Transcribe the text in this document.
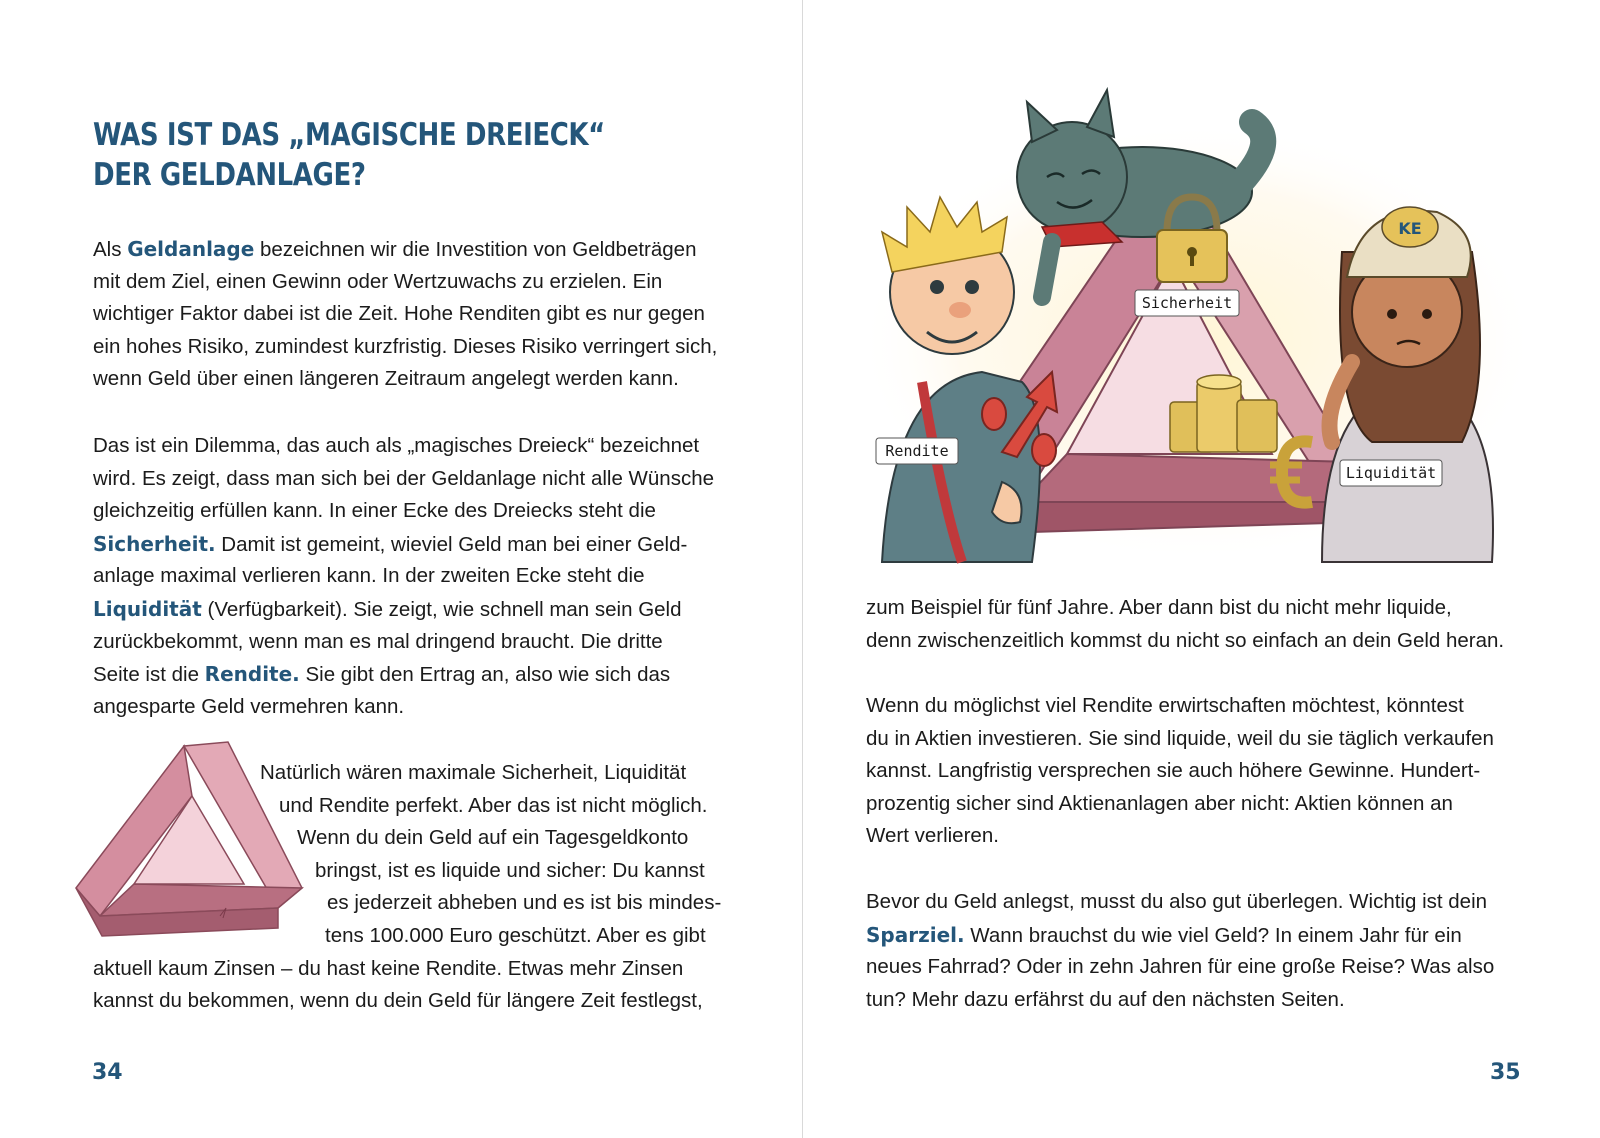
WAS IST DAS „MAGISCHE DREIECK“
DER GELDANLAGE?
Als Geldanlage bezeichnen wir die Investition von Geldbeträgen
mit dem Ziel, einen Gewinn oder Wertzuwachs zu erzielen. Ein
wichtiger Faktor dabei ist die Zeit. Hohe Renditen gibt es nur gegen
ein hohes Risiko, zumindest kurzfristig. Dieses Risiko verringert sich,
wenn Geld über einen längeren Zeitraum angelegt werden kann.
Das ist ein Dilemma, das auch als „magisches Dreieck“ bezeichnet
wird. Es zeigt, dass man sich bei der Geldanlage nicht alle Wünsche
gleichzeitig erfüllen kann. In einer Ecke des Dreiecks steht die
Sicherheit. Damit ist gemeint, wieviel Geld man bei einer Geld-
anlage maximal verlieren kann. In der zweiten Ecke steht die
Liquidität (Verfügbarkeit). Sie zeigt, wie schnell man sein Geld
zurückbekommt, wenn man es mal dringend braucht. Die dritte
Seite ist die Rendite. Sie gibt den Ertrag an, also wie sich das
angesparte Geld vermehren kann.
Natürlich wären maximale Sicherheit, Liquidität
und Rendite perfekt. Aber das ist nicht möglich.
Wenn du dein Geld auf ein Tagesgeldkonto
bringst, ist es liquide und sicher: Du kannst
es jederzeit abheben und es ist bis mindes-
tens 100.000 Euro geschützt. Aber es gibt
aktuell kaum Zinsen – du hast keine Rendite. Etwas mehr Zinsen
kannst du bekommen, wenn du dein Geld für längere Zeit festlegst,
34
KE
Sicherheit
Rendite
Liquidität
zum Beispiel für fünf Jahre. Aber dann bist du nicht mehr liquide,
denn zwischenzeitlich kommst du nicht so einfach an dein Geld heran.
Wenn du möglichst viel Rendite erwirtschaften möchtest, könntest
du in Aktien investieren. Sie sind liquide, weil du sie täglich verkaufen
kannst. Langfristig versprechen sie auch höhere Gewinne. Hundert-
prozentig sicher sind Aktienanlagen aber nicht: Aktien können an
Wert verlieren.
Bevor du Geld anlegst, musst du also gut überlegen. Wichtig ist dein
Sparziel. Wann brauchst du wie viel Geld? In einem Jahr für ein
neues Fahrrad? Oder in zehn Jahren für eine große Reise? Was also
tun? Mehr dazu erfährst du auf den nächsten Seiten.
35
